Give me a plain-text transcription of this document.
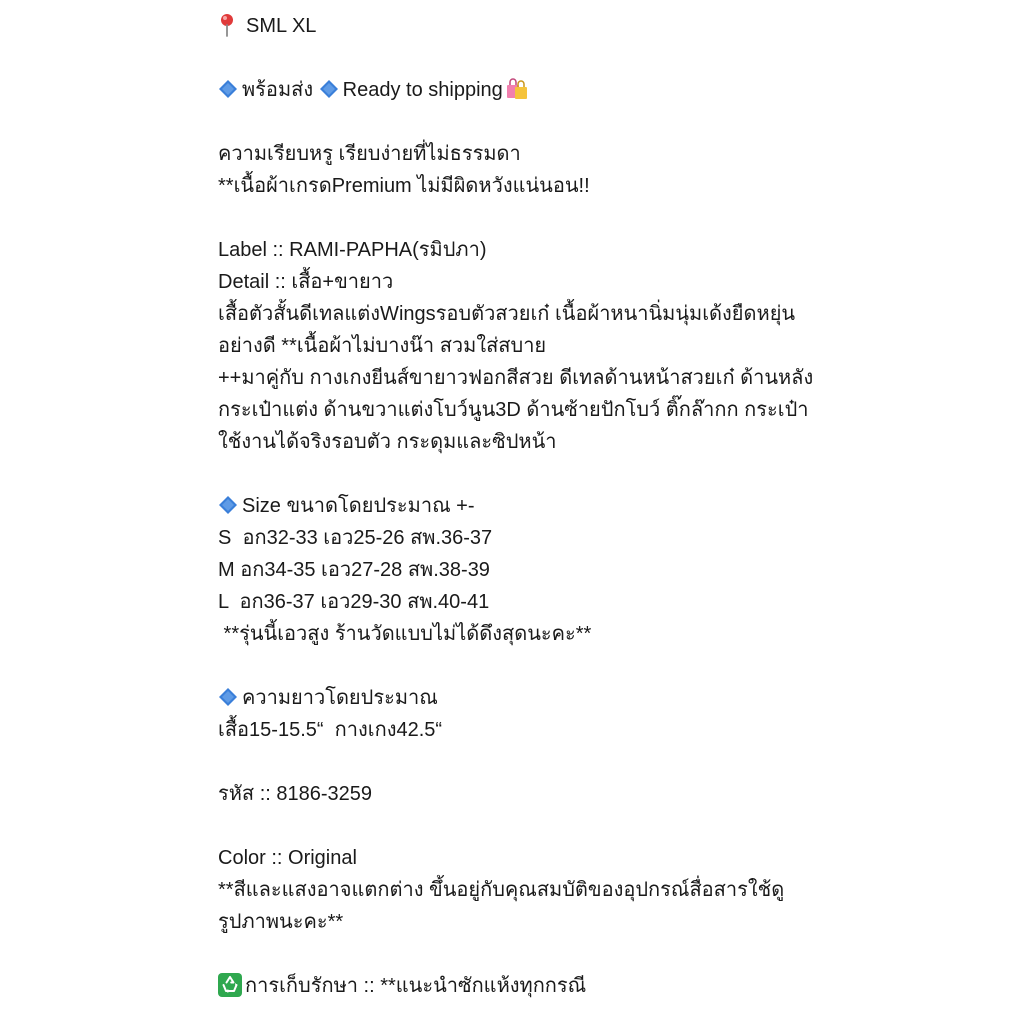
SML XL
พร้อมส่ง Ready to shipping
ความเรียบหรู เรียบง่ายที่ไม่ธรรมดา
**เนื้อผ้าเกรดPremium ไม่มีผิดหวังแน่นอน!!
Label :: RAMI-PAPHA(รมิปภา)
Detail :: เสื้อ+ขายาว
เสื้อตัวสั้นดีเทลแต่งWingsรอบตัวสวยเก๋ เนื้อผ้าหนานิ่มนุ่มเด้งยืดหยุ่น
อย่างดี **เนื้อผ้าไม่บางน๊า สวมใส่สบาย
++มาคู่กับ กางเกงยีนส์ขายาวฟอกสีสวย ดีเทลด้านหน้าสวยเก๋ ด้านหลัง
กระเป๋าแต่ง ด้านขวาแต่งโบว์นูน3D ด้านซ้ายปักโบว์ ติ๊กล๊ากก กระเป๋า
ใช้งานได้จริงรอบตัว กระดุมและซิปหน้า
Size ขนาดโดยประมาณ +-
S  อก32-33 เอว25-26 สพ.36-37
M อก34-35 เอว27-28 สพ.38-39
L  อก36-37 เอว29-30 สพ.40-41
**รุ่นนี้เอวสูง ร้านวัดแบบไม่ได้ดึงสุดนะคะ**
ความยาวโดยประมาณ
เสื้อ15-15.5“  กางเกง42.5“
รหัส :: 8186-3259
Color :: Original
**สีและแสงอาจแตกต่าง ขึ้นอยู่กับคุณสมบัติของอุปกรณ์สื่อสารใช้ดู
รูปภาพนะคะ**
การเก็บรักษา :: **แนะนำซักแห้งทุกกรณี
